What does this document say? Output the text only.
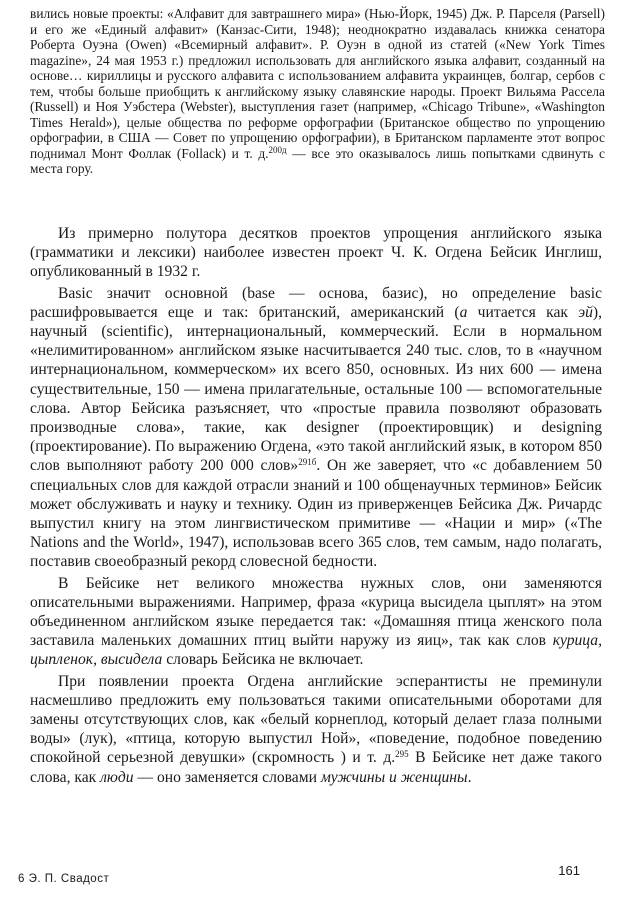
вились новые проекты: «Алфавит для завтрашнего мира» (Нью-Йорк, 1945) Дж. Р. Парселя (Parsell) и его же «Единый алфавит» (Канзас-Сити, 1948); неоднократно издавалась книжка сенатора Роберта Оуэна (Owen) «Всемирный алфавит». Р. Оуэн в одной из статей («New York Times magazine», 24 мая 1953 г.) предложил использовать для английского языка алфавит, созданный на основе… кириллицы и русского алфавита с использованием алфавита украинцев, болгар, сербов с тем, чтобы больше приобщить к английскому языку славянские народы. Проект Вильяма Рассела (Russell) и Ноя Уэбстера (Webster), выступления газет (например, «Chicago Tribune», «Washington Times Herald»), целые общества по реформе орфографии (Британское общество по упрощению орфографии, в США — Совет по упрощению орфографии), в Британском парламенте этот вопрос поднимал Монт Фоллак (Follack) и т. д.$^{200д}$ — все это оказывалось лишь попытками сдвинуть с места гору.

Из примерно полутора десятков проектов упрощения английского языка (грамматики и лексики) наиболее известен проект Ч. К. Огдена Бейсик Инглиш, опубликованный в 1932 г.

Basic значит основной (base — основа, базис), но определение basic расшифровывается еще и так: британский, американский (а читается как эй), научный (scientific), интернациональный, коммерческий. Если в нормальном «нелимитированном» английском языке насчитывается 240 тыс. слов, то в «научном интернациональном, коммерческом» их всего 850, основных. Из них 600 — имена существительные, 150 — имена прилагательные, остальные 100 — вспомогательные слова. Автор Бейсика разъясняет, что «простые правила позволяют образовать производные слова», такие, как designer (проектировщик) и designing (проектирование). По выражению Огдена, «это такой английский язык, в котором 850 слов выполняют работу 200 000 слов»$^{291б}$. Он же заверяет, что «с добавлением 50 специальных слов для каждой отрасли знаний и 100 общенаучных терминов» Бейсик может обслуживать и науку и технику. Один из приверженцев Бейсика Дж. Ричардс выпустил книгу на этом лингвистическом примитиве — «Нации и мир» («The Nations and the World», 1947), использовав всего 365 слов, тем самым, надо полагать, поставив своеобразный рекорд словесной бедности.

В Бейсике нет великого множества нужных слов, они заменяются описательными выражениями. Например, фраза «курица высидела цыплят» на этом объединенном английском языке передается так: «Домашняя птица женского пола заставила маленьких домашних птиц выйти наружу из яиц», так как слов курица, цыпленок, высидела словарь Бейсика не включает.

При появлении проекта Огдена английские эсперантисты не преминули насмешливо предложить ему пользоваться такими описательными оборотами для замены отсутствующих слов, как «белый корнеплод, который делает глаза полными воды» (лук), «птица, которую выпустил Ной», «поведение, подобное поведению спокойной серьезной девушки» (скромность ) и т. д.$^{295}$ В Бейсике нет даже такого слова, как люди — оно заменяется словами мужчины и женщины.

6 Э. П. Свадост
161
